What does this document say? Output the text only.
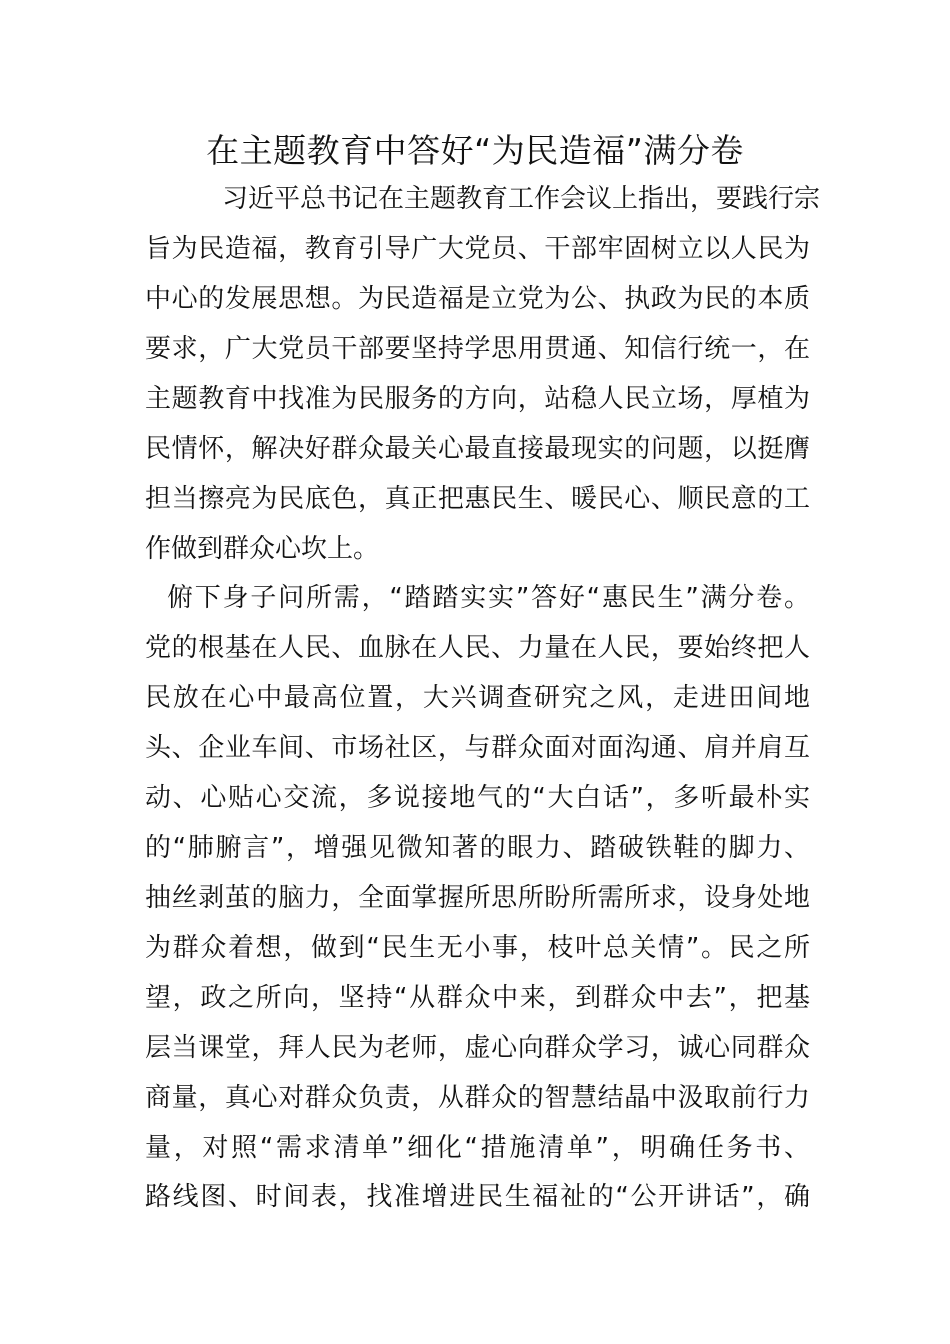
在主题教育中答好“为民造福”满分卷
习近平总书记在主题教育工作会议上指出，要践行宗
旨为民造福，教育引导广大党员、干部牢固树立以人民为
中心的发展思想。为民造福是立党为公、执政为民的本质
要求，广大党员干部要坚持学思用贯通、知信行统一，在
主题教育中找准为民服务的方向，站稳人民立场，厚植为
民情怀，解决好群众最关心最直接最现实的问题，以挺膺
担当擦亮为民底色，真正把惠民生、暖民心、顺民意的工
作做到群众心坎上。
俯下身子问所需，“踏踏实实”答好“惠民生”满分卷。
党的根基在人民、血脉在人民、力量在人民，要始终把人
民放在心中最高位置，大兴调查研究之风，走进田间地
头、企业车间、市场社区，与群众面对面沟通、肩并肩互
动、心贴心交流，多说接地气的“大白话”，多听最朴实
的“肺腑言”，增强见微知著的眼力、踏破铁鞋的脚力、
抽丝剥茧的脑力，全面掌握所思所盼所需所求，设身处地
为群众着想，做到“民生无小事，枝叶总关情”。民之所
望，政之所向，坚持“从群众中来，到群众中去”，把基
层当课堂，拜人民为老师，虚心向群众学习，诚心同群众
商量，真心对群众负责，从群众的智慧结晶中汲取前行力
量，对照“需求清单”细化“措施清单”，明确任务书、
路线图、时间表，找准增进民生福祉的“公开讲话”，确
